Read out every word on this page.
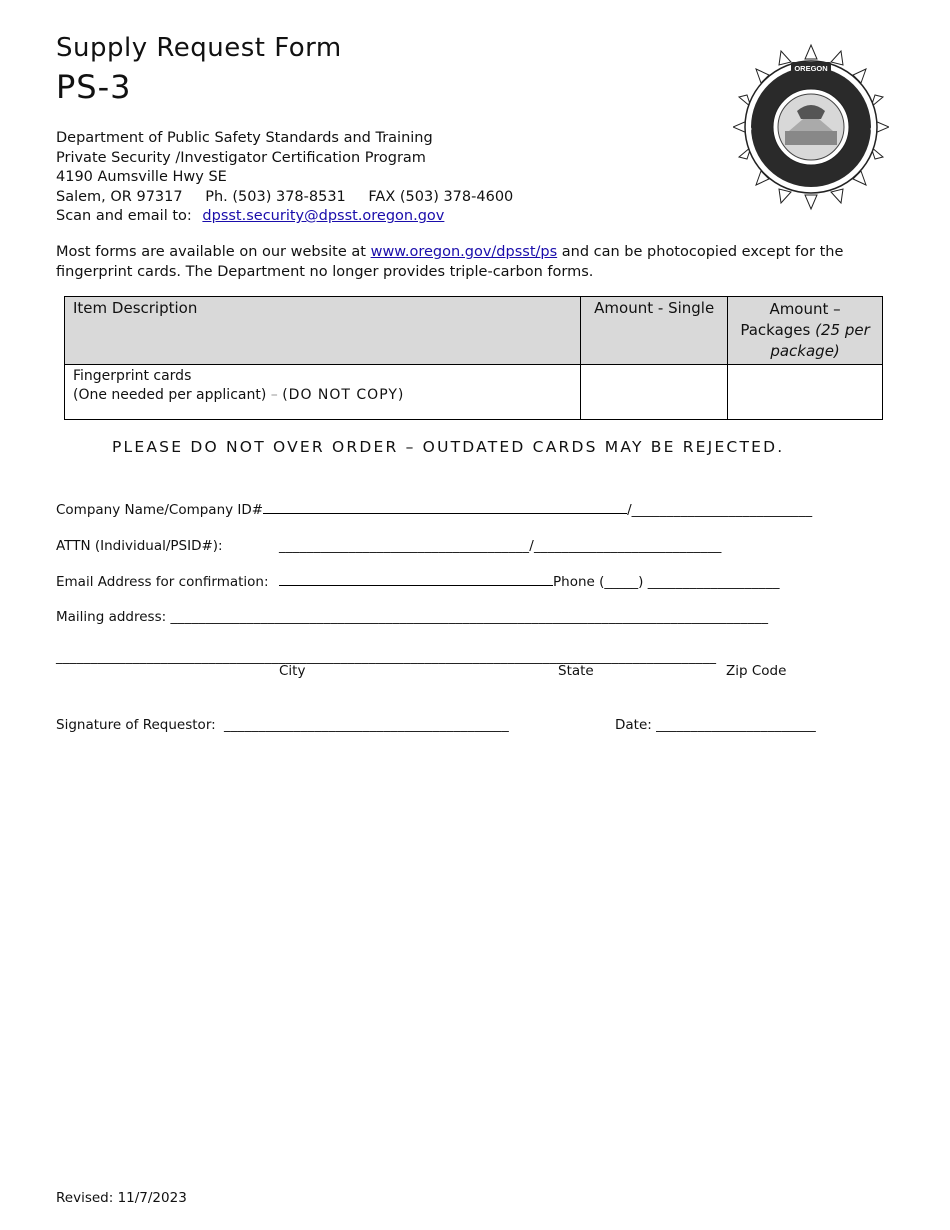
Supply Request Form
PS-3	OREGON
Department of Public Safety Standards and Training
Private Security /Investigator Certification Program
4190 Aumsville Hwy SE
Salem, OR 97317 Ph. (503) 378-8531 FAX (503) 378-4600
Scan and email to: dpsst.security@dpsst.oregon.gov
Most forms are available on our website at www.oregon.gov/dpsst/ps and can be photocopied except for the fingerprint cards. The Department no longer provides triple-carbon forms.
Item Description	Amount - Single	Amount – Packages (25 per package)

Fingerprint cards
(One needed per applicant) – (DO NOT COPY)		

PLEASE DO NOT OVER ORDER – OUTDATED CARDS MAY BE REJECTED.
Company Name/Company ID#	/__________________________
ATTN (Individual/PSID#):	____________________________________/___________________________
Email Address for confirmation:	Phone (_____) ___________________
Mailing address: ______________________________________________________________________________________
_______________________________________________________________________________________________
City	State	Zip Code
Signature of Requestor: _________________________________________	Date: _______________________
Revised: 11/7/2023
